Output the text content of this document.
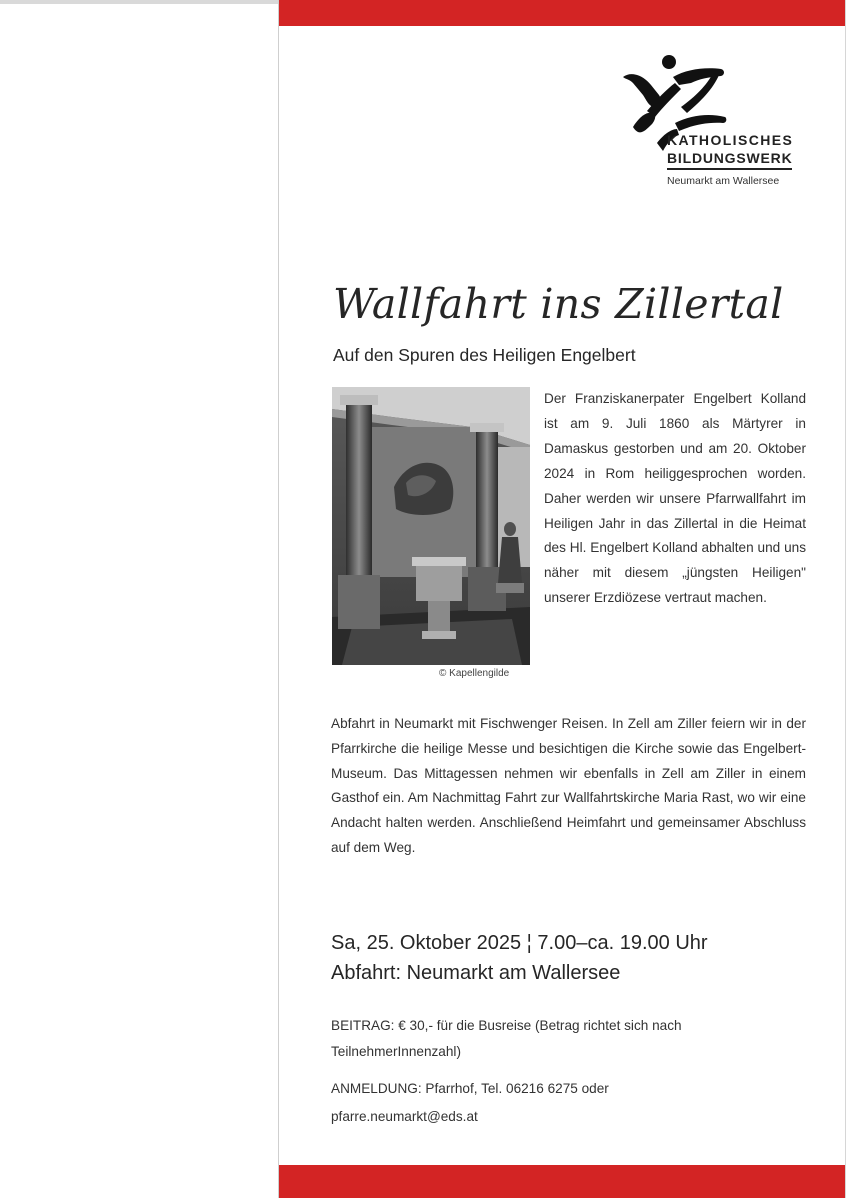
KATHOLISCHES
BILDUNGSWERK
Neumarkt am Wallersee
Wallfahrt ins Zillertal
Auf den Spuren des Heiligen Engelbert
© Kapellengilde
Der Franziskanerpater Engelbert Kolland ist am 9. Juli 1860 als Märtyrer in Damaskus gestorben und am 20. Oktober 2024 in Rom heiliggesprochen worden. Daher werden wir unsere Pfarrwallfahrt im Heiligen Jahr in das Zillertal in die Heimat des Hl. Engelbert Kolland abhalten und uns näher mit diesem „jüngsten Heiligen" unserer Erzdiözese vertraut machen.
Abfahrt in Neumarkt mit Fischwenger Reisen. In Zell am Ziller feiern wir in der Pfarrkirche die heilige Messe und besichtigen die Kirche sowie das Engelbert-Museum. Das Mittagessen nehmen wir ebenfalls in Zell am Ziller in einem Gasthof ein. Am Nachmittag Fahrt zur Wallfahrtskirche Maria Rast, wo wir eine Andacht halten werden. Anschließend Heimfahrt und gemeinsamer Abschluss auf dem Weg.
Sa, 25. Oktober 2025 ¦ 7.00–ca. 19.00 Uhr
Abfahrt: Neumarkt am Wallersee
BEITRAG: € 30,- für die Busreise (Betrag richtet sich nach TeilnehmerInnenzahl)
ANMELDUNG: Pfarrhof, Tel. 06216 6275 oder
pfarre.neumarkt@eds.at
